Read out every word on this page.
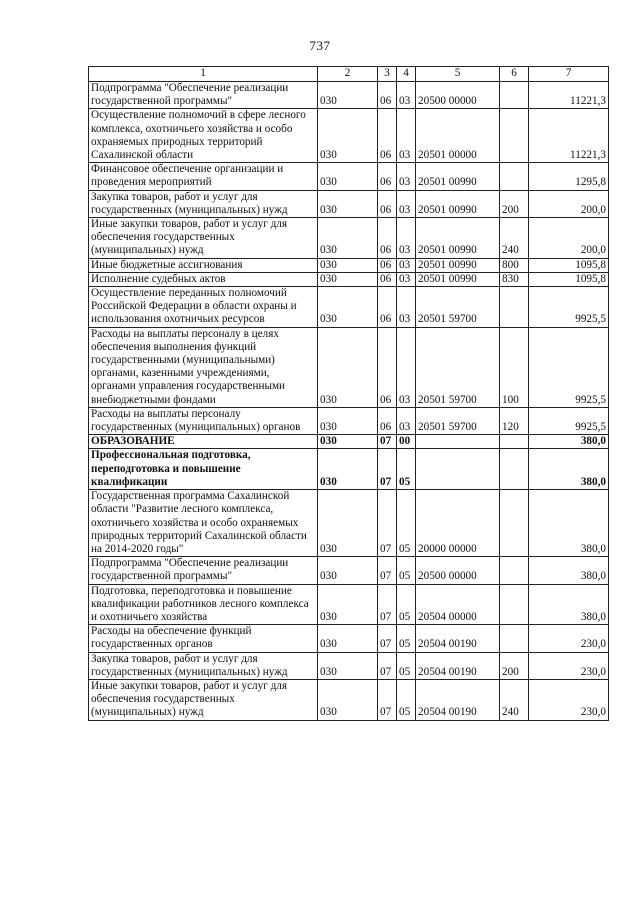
737
1	2	3	4	5	6	7
Подпрограмма "Обеспечение реализации государственной программы"	030	06	03	20500 00000		11221,3
Осуществление полномочий в сфере лесного комплекса, охотничьего хозяйства и особо охраняемых природных территорий Сахалинской области	030	06	03	20501 00000		11221,3
Финансовое обеспечение организации и проведения мероприятий	030	06	03	20501 00990		1295,8
Закупка товаров, работ и услуг для государственных (муниципальных) нужд	030	06	03	20501 00990	200	200,0
Иные закупки товаров, работ и услуг для обеспечения государственных (муниципальных) нужд	030	06	03	20501 00990	240	200,0
Иные бюджетные ассигнования	030	06	03	20501 00990	800	1095,8
Исполнение судебных актов	030	06	03	20501 00990	830	1095,8
Осуществление переданных полномочий Российской Федерации в области охраны и использования охотничьих ресурсов	030	06	03	20501 59700		9925,5
Расходы на выплаты персоналу в целях обеспечения выполнения функций государственными (муниципальными) органами, казенными учреждениями, органами управления государственными внебюджетными фондами	030	06	03	20501 59700	100	9925,5
Расходы на выплаты персоналу государственных (муниципальных) органов	030	06	03	20501 59700	120	9925,5
ОБРАЗОВАНИЕ	030	07	00			380,0
Профессиональная подготовка, переподготовка и повышение квалификации	030	07	05			380,0
Государственная программа Сахалинской области "Развитие лесного комплекса, охотничьего хозяйства и особо охраняемых природных территорий Сахалинской области на 2014-2020 годы"	030	07	05	20000 00000		380,0
Подпрограмма "Обеспечение реализации государственной программы"	030	07	05	20500 00000		380,0
Подготовка, переподготовка и повышение квалификации работников лесного комплекса и охотничьего хозяйства	030	07	05	20504 00000		380,0
Расходы на обеспечение функций государственных органов	030	07	05	20504 00190		230,0
Закупка товаров, работ и услуг для государственных (муниципальных) нужд	030	07	05	20504 00190	200	230,0
Иные закупки товаров, работ и услуг для обеспечения государственных (муниципальных) нужд	030	07	05	20504 00190	240	230,0
